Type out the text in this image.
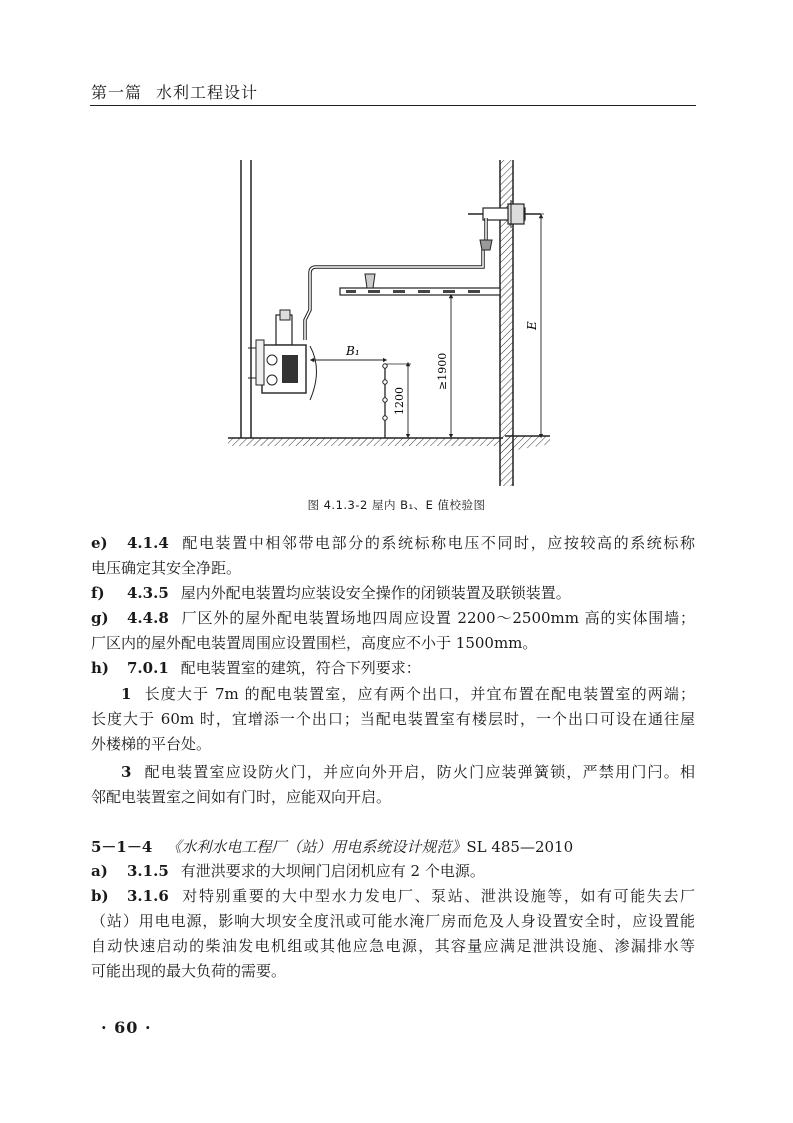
第一篇 水利工程设计
B₁
1200
≥1900
E
图 4.1.3-2 屋内 B₁、E 值校验图
e) 4.1.4 配电装置中相邻带电部分的系统标称电压不同时，应按较高的系统标称
电压确定其安全净距。
f) 4.3.5 屋内外配电装置均应装设安全操作的闭锁装置及联锁装置。
g) 4.4.8 厂区外的屋外配电装置场地四周应设置 2200～2500mm 高的实体围墙；
厂区内的屋外配电装置周围应设置围栏，高度应不小于 1500mm。
h) 7.0.1 配电装置室的建筑，符合下列要求：
1 长度大于 7m 的配电装置室，应有两个出口，并宜布置在配电装置室的两端；
长度大于 60m 时，宜增添一个出口；当配电装置室有楼层时，一个出口可设在通往屋
外楼梯的平台处。
3 配电装置室应设防火门，并应向外开启，防火门应装弹簧锁，严禁用门闩。相
邻配电装置室之间如有门时，应能双向开启。
5－1－4 《水利水电工程厂（站）用电系统设计规范》SL 485—2010
a) 3.1.5 有泄洪要求的大坝闸门启闭机应有 2 个电源。
b) 3.1.6 对特别重要的大中型水力发电厂、泵站、泄洪设施等，如有可能失去厂
（站）用电电源，影响大坝安全度汛或可能水淹厂房而危及人身设置安全时，应设置能
自动快速启动的柴油发电机组或其他应急电源，其容量应满足泄洪设施、渗漏排水等
可能出现的最大负荷的需要。
· 60 ·
